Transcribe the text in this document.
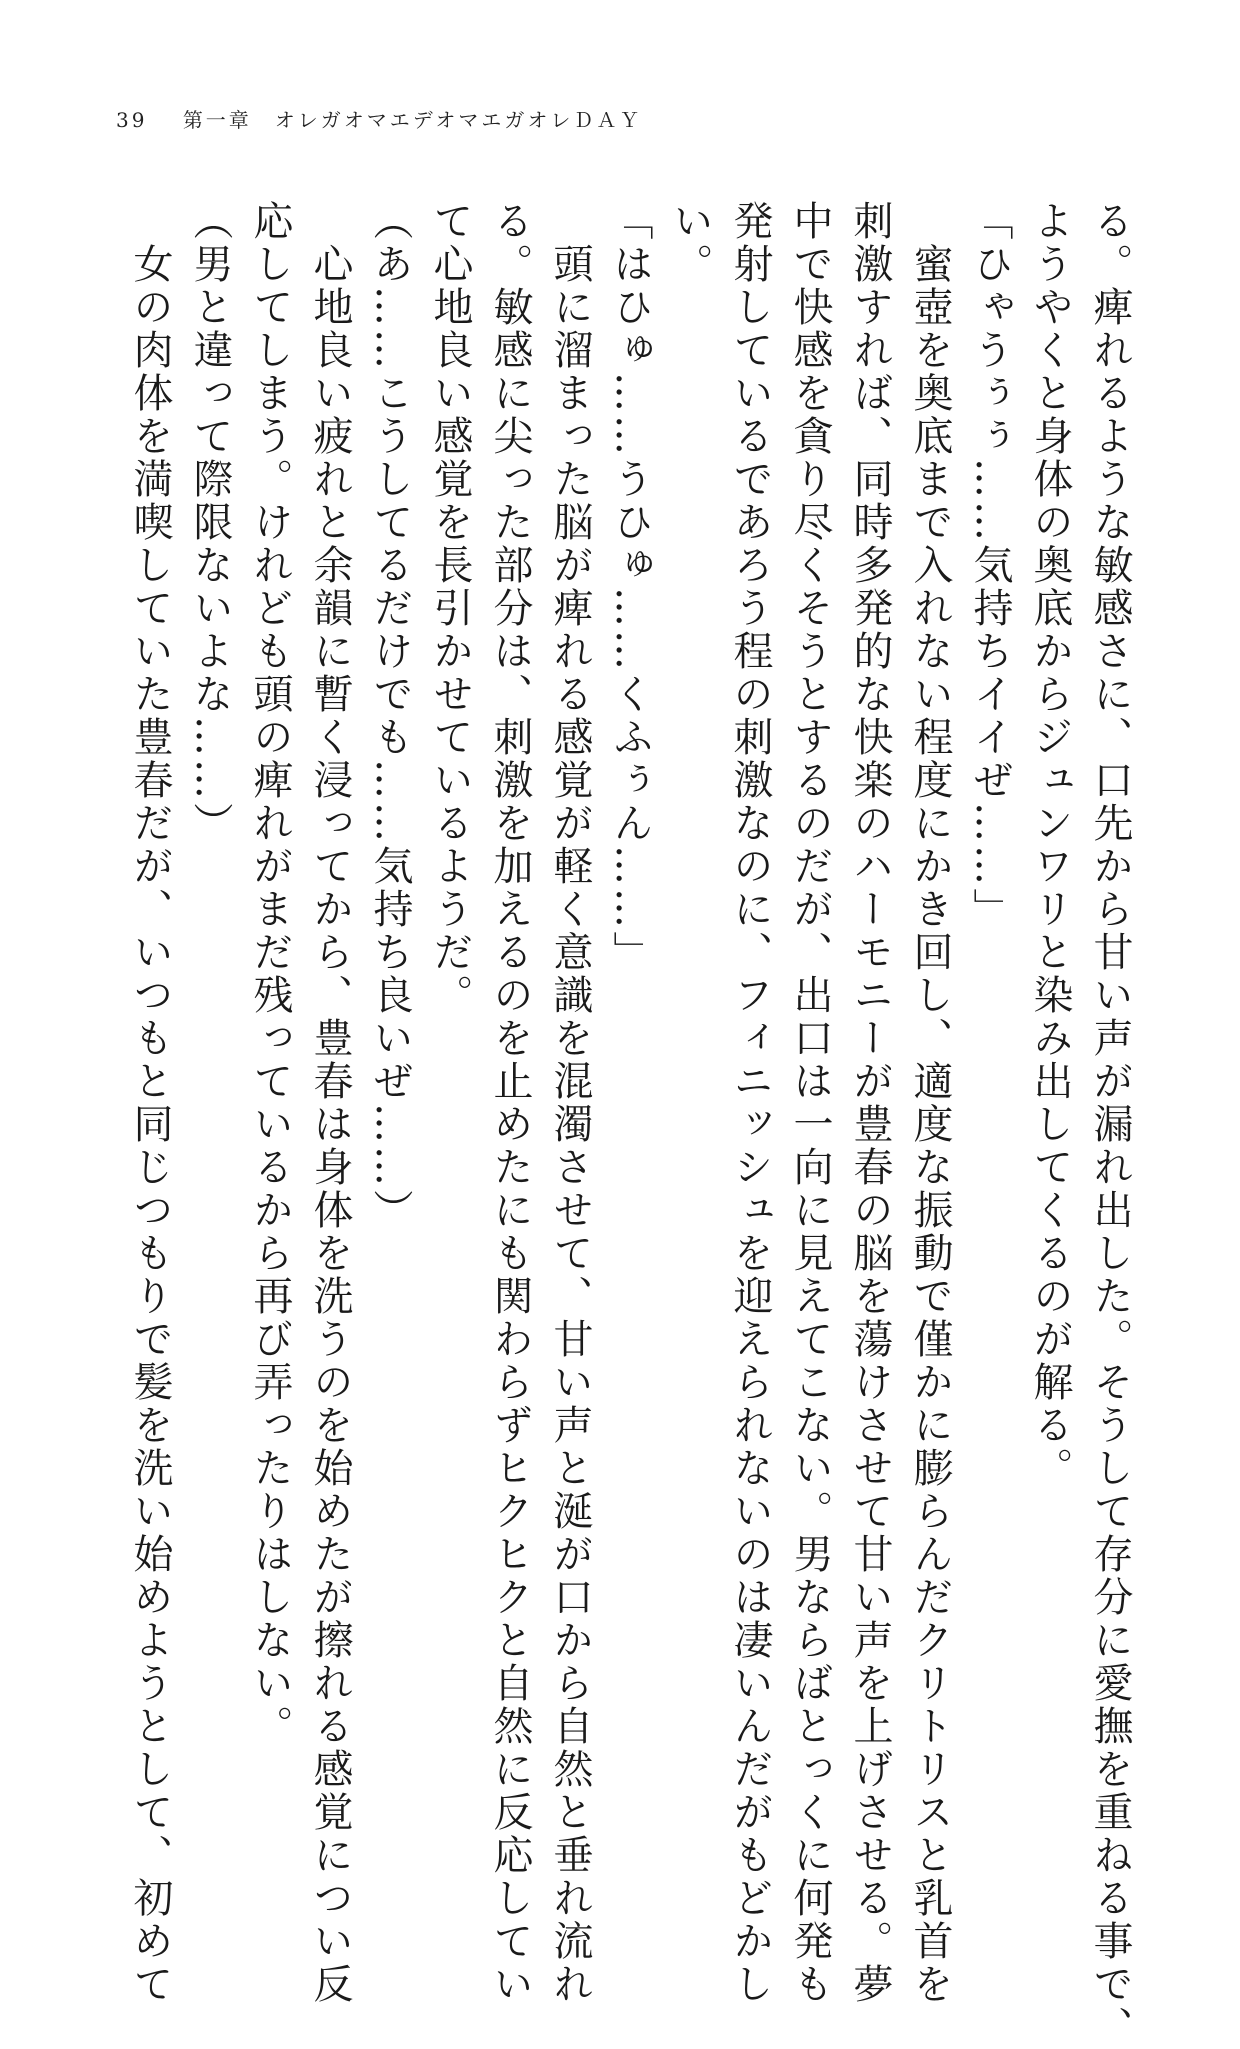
39 第一章　オレガオマエデオマエガオレＤＡＹ
る。痺れるような敏感さに、口先から甘い声が漏れ出した。そうして存分に愛撫を重ねる事で、
ようやくと身体の奥底からジュンワリと染み出してくるのが解る。
「ひゃうぅぅ……気持ちイイぜ……」
　蜜壺を奥底まで入れない程度にかき回し、適度な振動で僅かに膨らんだクリトリスと乳首を
刺激すれば、同時多発的な快楽のハーモニーが豊春の脳を蕩けさせて甘い声を上げさせる。夢
中で快感を貪り尽くそうとするのだが、出口は一向に見えてこない。男ならばとっくに何発も
発射しているであろう程の刺激なのに、フィニッシュを迎えられないのは凄いんだがもどかし
い。
「はひゅ……うひゅ……くふぅん……」
　頭に溜まった脳が痺れる感覚が軽く意識を混濁させて、甘い声と涎が口から自然と垂れ流れ
る。敏感に尖った部分は、刺激を加えるのを止めたにも関わらずヒクヒクと自然に反応してい
て心地良い感覚を長引かせているようだ。
（あ……こうしてるだけでも……気持ち良いぜ……）
　心地良い疲れと余韻に暫く浸ってから、豊春は身体を洗うのを始めたが擦れる感覚につい反
応してしまう。けれども頭の痺れがまだ残っているから再び弄ったりはしない。
（男と違って際限ないよな……）
　女の肉体を満喫していた豊春だが、いつもと同じつもりで髪を洗い始めようとして、初めて
